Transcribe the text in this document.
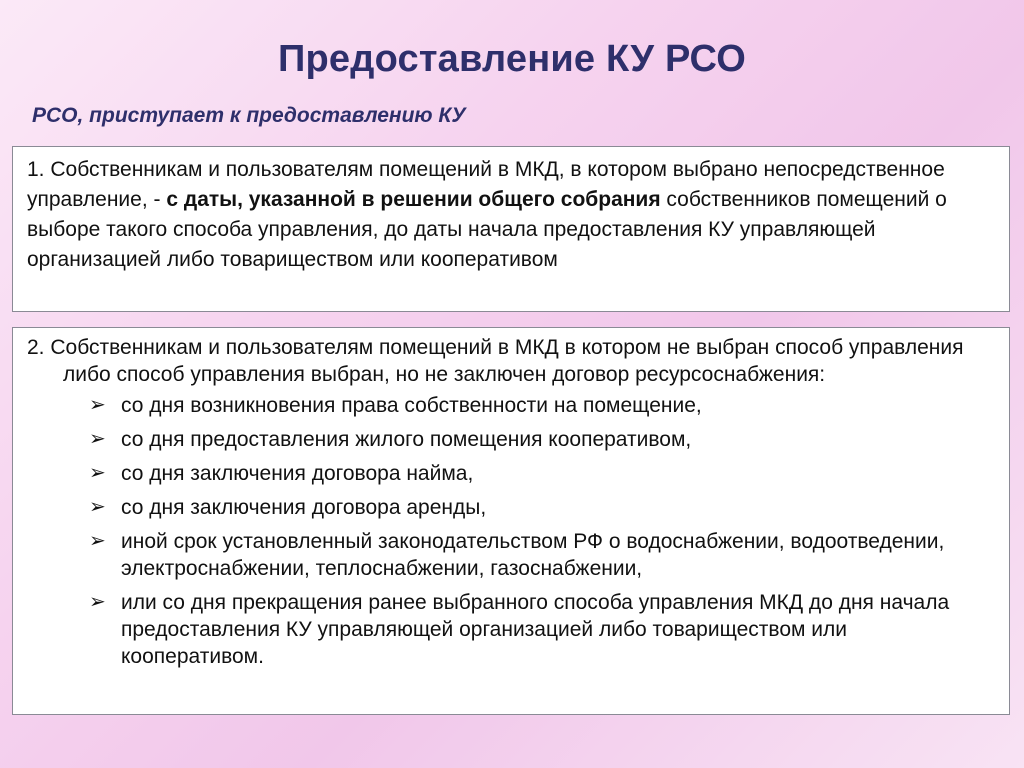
Предоставление КУ РСО
РСО, приступает к предоставлению КУ
1. Собственникам и пользователям помещений в МКД, в котором выбрано непосредственное управление, - с даты, указанной в решении общего собрания собственников помещений о выборе такого способа управления, до даты начала предоставления КУ управляющей организацией либо товариществом или кооперативом
2. Собственникам и пользователям помещений в МКД в котором не выбран способ управления либо способ управления выбран, но не заключен договор ресурсоснабжения:
➢ со дня возникновения права собственности на помещение,
➢ со дня предоставления жилого помещения кооперативом,
➢ со дня заключения договора найма,
➢ со дня заключения договора аренды,
➢ иной срок установленный законодательством РФ о водоснабжении, водоотведении, электроснабжении, теплоснабжении, газоснабжении,
➢ или со дня прекращения ранее выбранного способа управления МКД до дня начала предоставления КУ управляющей организацией либо товариществом или кооперативом.
